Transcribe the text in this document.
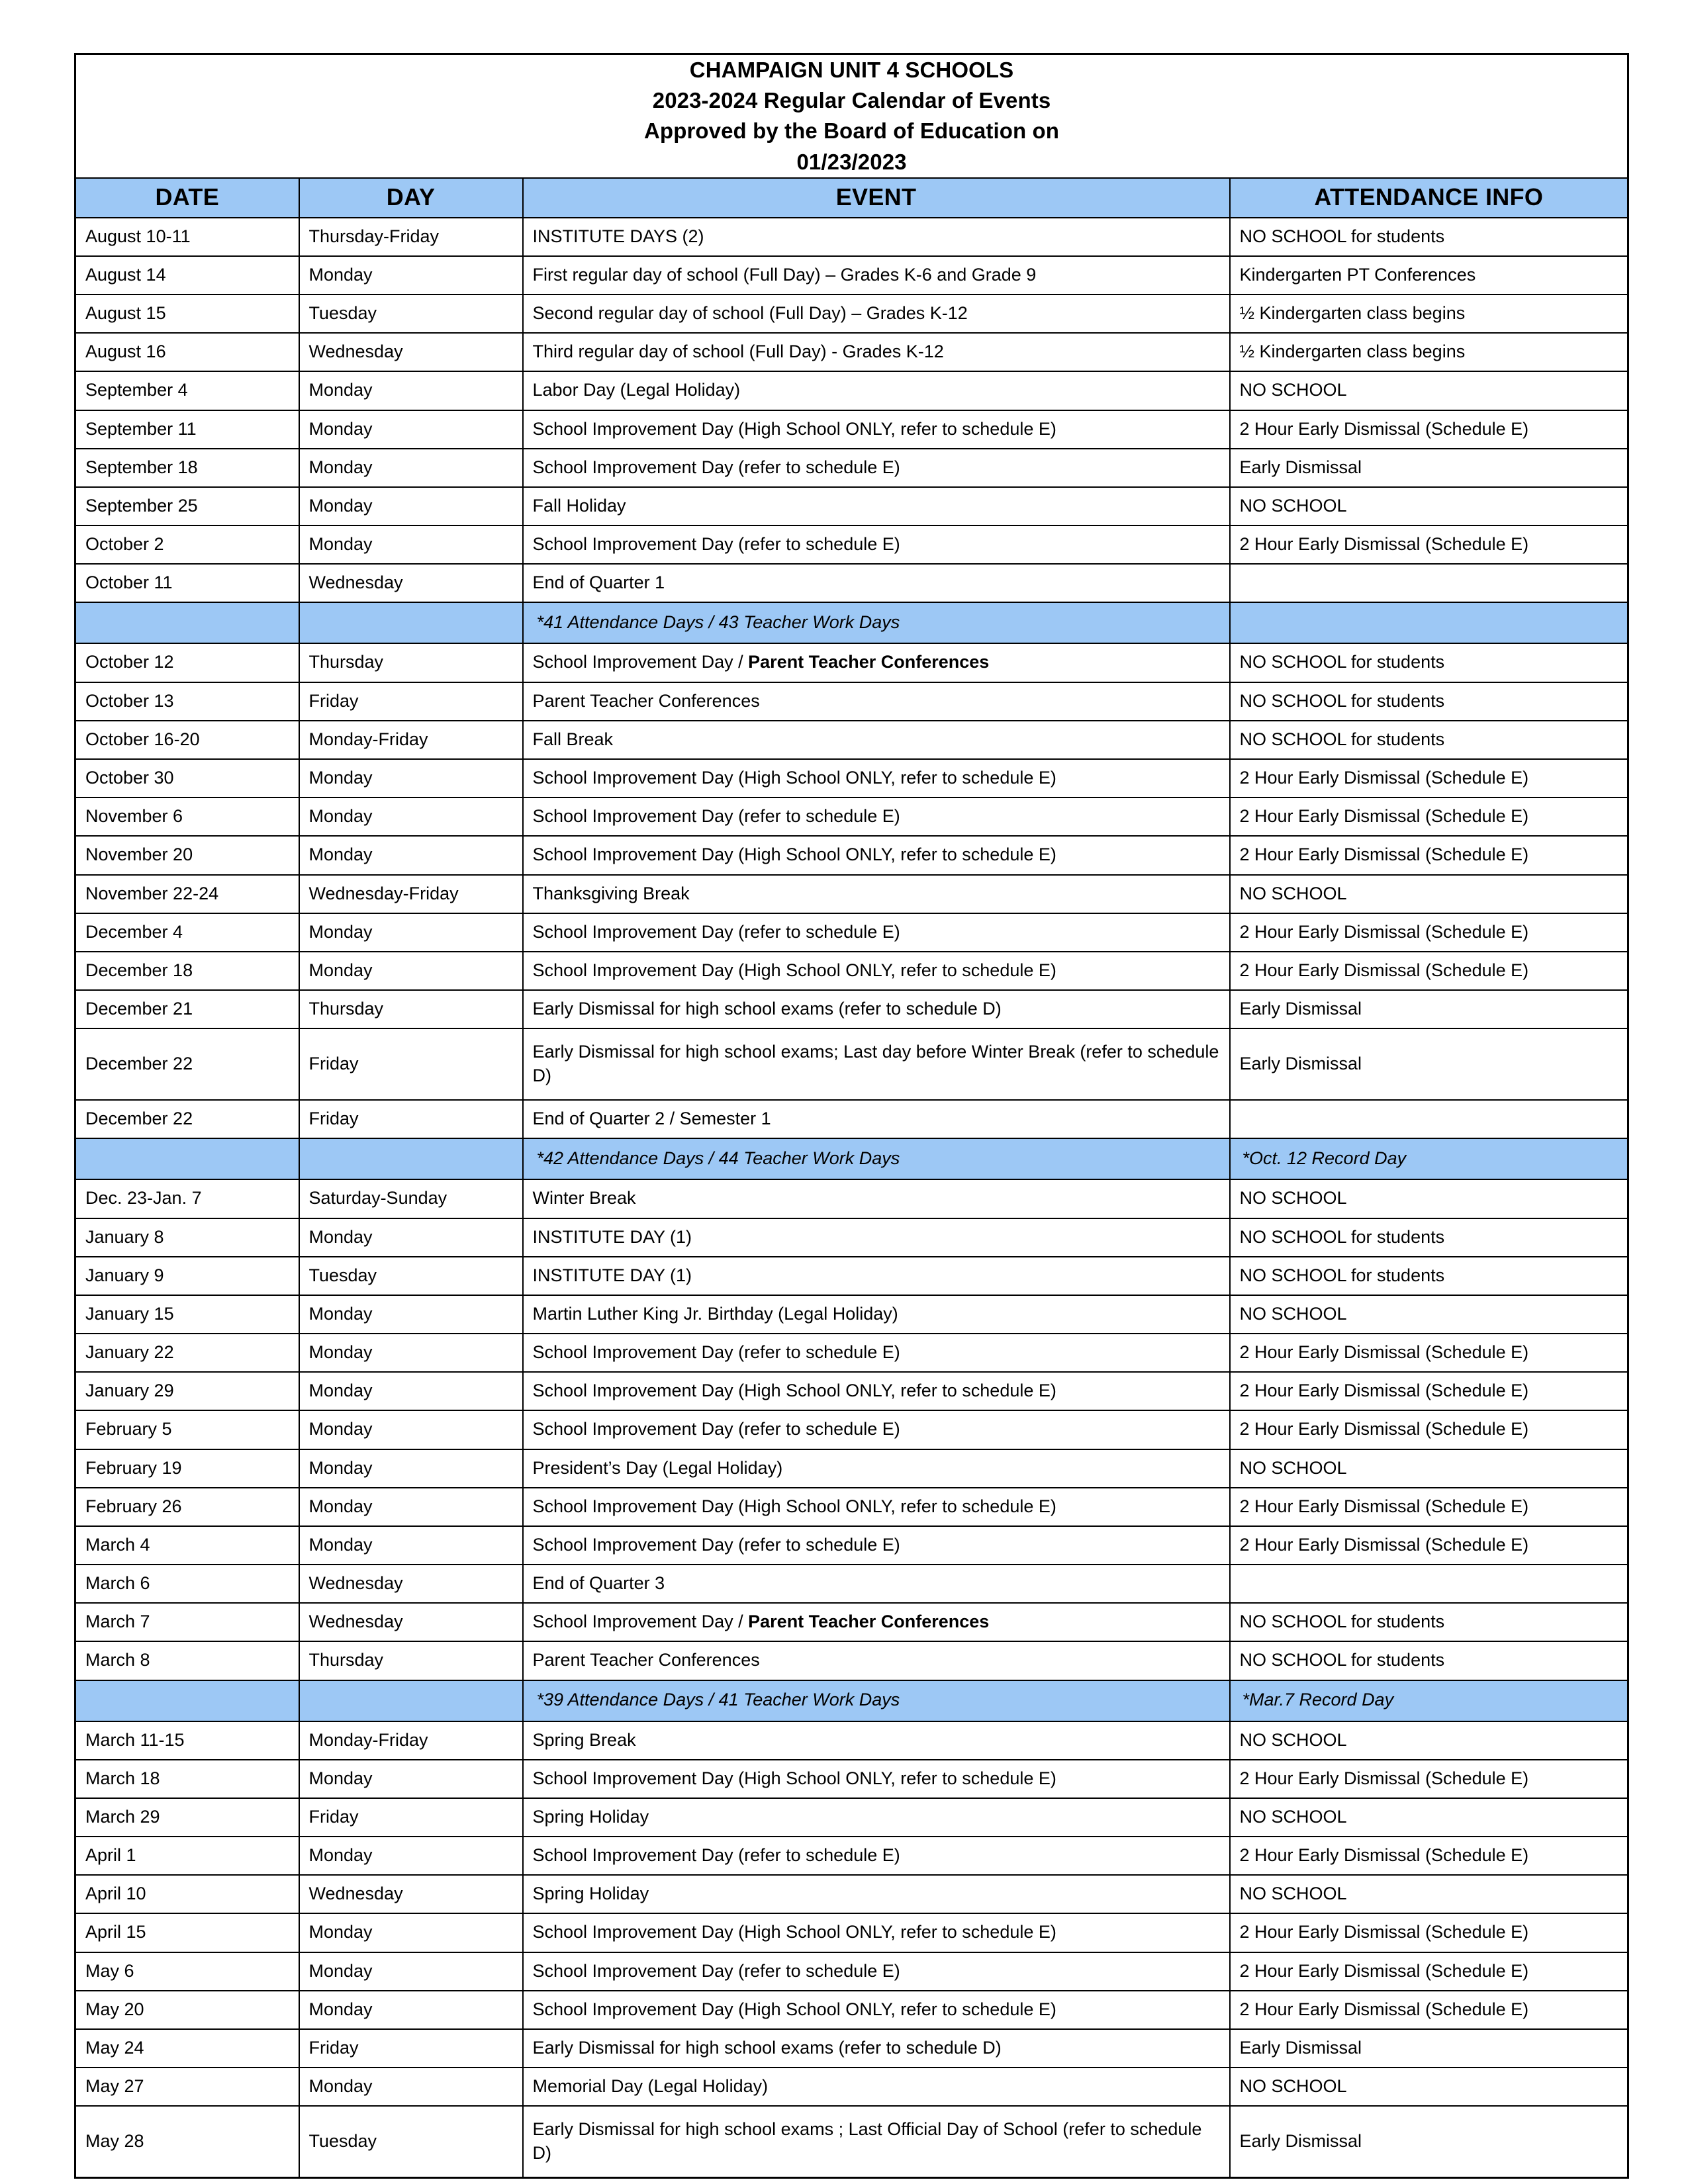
CHAMPAIGN UNIT 4 SCHOOLS
2023-2024 Regular Calendar of Events
Approved by the Board of Education on
01/23/2023			

DATE	DAY	EVENT	ATTENDANCE INFO
August 10-11	Thursday-Friday	INSTITUTE DAYS (2)	NO SCHOOL for students
August 14	Monday	First regular day of school (Full Day) – Grades K-6 and Grade 9	Kindergarten PT Conferences
August 15	Tuesday	Second regular day of school (Full Day) – Grades K-12	½ Kindergarten class begins
August 16	Wednesday	Third regular day of school (Full Day) - Grades K-12	½ Kindergarten class begins
September 4	Monday	Labor Day (Legal Holiday)	NO SCHOOL
September 11	Monday	School Improvement Day (High School ONLY, refer to schedule E)	2 Hour Early Dismissal (Schedule E)
September 18	Monday	School Improvement Day (refer to schedule E)	Early Dismissal
September 25	Monday	Fall Holiday	NO SCHOOL
October 2	Monday	School Improvement Day (refer to schedule E)	2 Hour Early Dismissal (Schedule E)
October 11	Wednesday	End of Quarter 1	
		*41 Attendance Days / 43 Teacher Work Days	
October 12	Thursday	School Improvement Day / Parent Teacher Conferences	NO SCHOOL for students
October 13	Friday	Parent Teacher Conferences	NO SCHOOL for students
October 16-20	Monday-Friday	Fall Break	NO SCHOOL for students
October 30	Monday	School Improvement Day (High School ONLY, refer to schedule E)	2 Hour Early Dismissal (Schedule E)
November 6	Monday	School Improvement Day (refer to schedule E)	2 Hour Early Dismissal (Schedule E)
November 20	Monday	School Improvement Day (High School ONLY, refer to schedule E)	2 Hour Early Dismissal (Schedule E)
November 22-24	Wednesday-Friday	Thanksgiving Break	NO SCHOOL
December 4	Monday	School Improvement Day (refer to schedule E)	2 Hour Early Dismissal (Schedule E)
December 18	Monday	School Improvement Day (High School ONLY, refer to schedule E)	2 Hour Early Dismissal (Schedule E)
December 21	Thursday	Early Dismissal for high school exams (refer to schedule D)	Early Dismissal
December 22	Friday	Early Dismissal for high school exams; Last day before Winter Break (refer to schedule D)	Early Dismissal
December 22	Friday	End of Quarter 2 / Semester 1	
		*42 Attendance Days / 44 Teacher Work Days	*Oct. 12 Record Day
Dec. 23-Jan. 7	Saturday-Sunday	Winter Break	NO SCHOOL
January 8	Monday	INSTITUTE DAY (1)	NO SCHOOL for students
January 9	Tuesday	INSTITUTE DAY (1)	NO SCHOOL for students
January 15	Monday	Martin Luther King Jr. Birthday (Legal Holiday)	NO SCHOOL
January 22	Monday	School Improvement Day (refer to schedule E)	2 Hour Early Dismissal (Schedule E)
January 29	Monday	School Improvement Day (High School ONLY, refer to schedule E)	2 Hour Early Dismissal (Schedule E)
February 5	Monday	School Improvement Day (refer to schedule E)	2 Hour Early Dismissal (Schedule E)
February 19	Monday	President’s Day (Legal Holiday)	NO SCHOOL
February 26	Monday	School Improvement Day (High School ONLY, refer to schedule E)	2 Hour Early Dismissal (Schedule E)
March 4	Monday	School Improvement Day (refer to schedule E)	2 Hour Early Dismissal (Schedule E)
March 6	Wednesday	End of Quarter 3	
March 7	Wednesday	School Improvement Day / Parent Teacher Conferences	NO SCHOOL for students
March 8	Thursday	Parent Teacher Conferences	NO SCHOOL for students
		*39 Attendance Days / 41 Teacher Work Days	*Mar.7 Record Day
March 11-15	Monday-Friday	Spring Break	NO SCHOOL
March 18	Monday	School Improvement Day (High School ONLY, refer to schedule E)	2 Hour Early Dismissal (Schedule E)
March 29	Friday	Spring Holiday	NO SCHOOL
April 1	Monday	School Improvement Day (refer to schedule E)	2 Hour Early Dismissal (Schedule E)
April 10	Wednesday	Spring Holiday	NO SCHOOL
April 15	Monday	School Improvement Day (High School ONLY, refer to schedule E)	2 Hour Early Dismissal (Schedule E)
May 6	Monday	School Improvement Day (refer to schedule E)	2 Hour Early Dismissal (Schedule E)
May 20	Monday	School Improvement Day (High School ONLY, refer to schedule E)	2 Hour Early Dismissal (Schedule E)
May 24	Friday	Early Dismissal for high school exams (refer to schedule D)	Early Dismissal
May 27	Monday	Memorial Day (Legal Holiday)	NO SCHOOL
May 28	Tuesday	Early Dismissal for high school exams ; Last Official Day of School (refer to schedule D)	Early Dismissal
